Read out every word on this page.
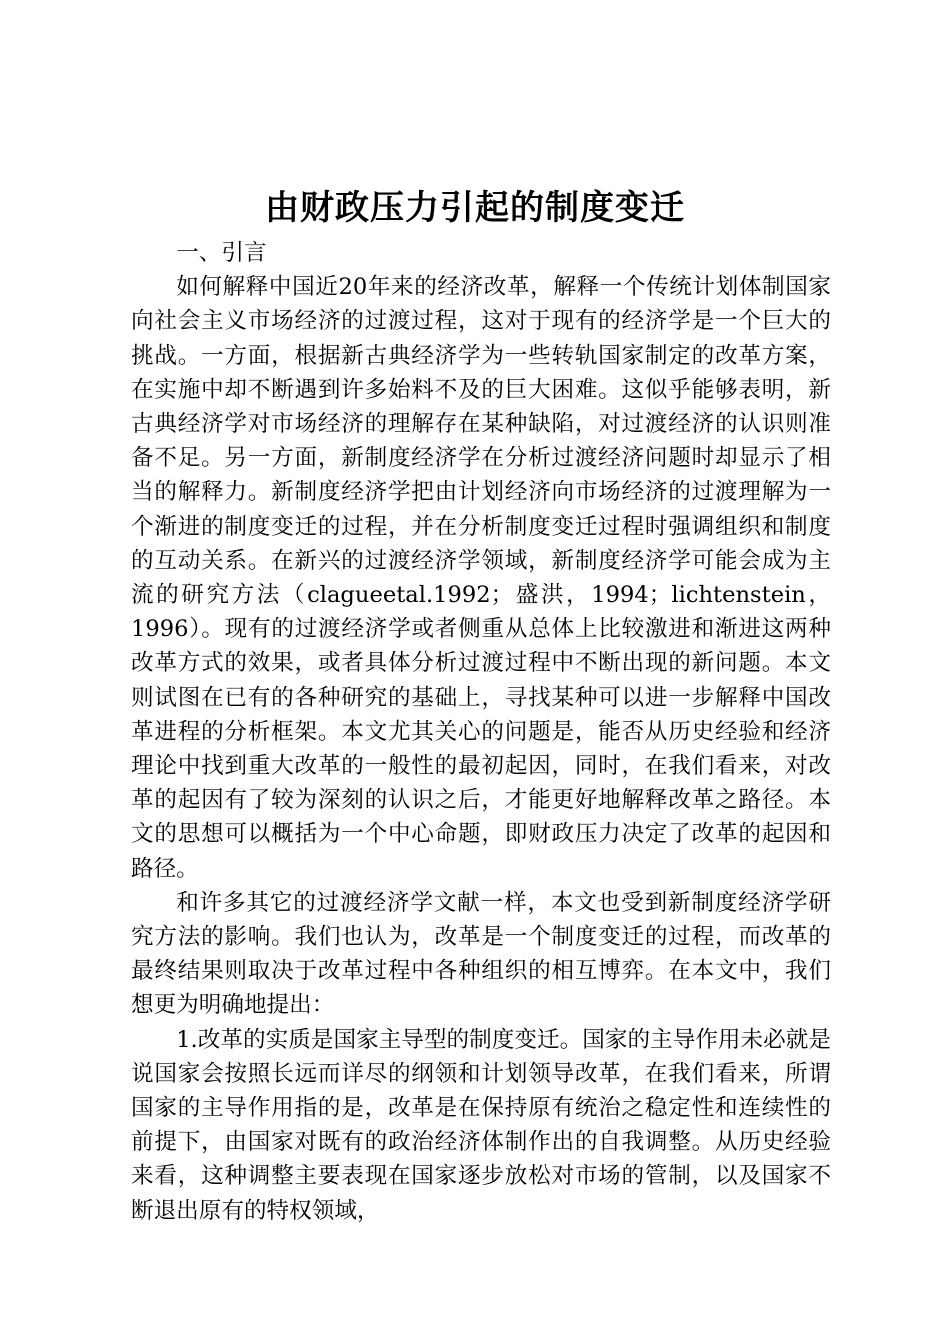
由财政压力引起的制度变迁

一、引言

如何解释中国近20年来的经济改革，解释一个传统计划体制国家向社会主义市场经济的过渡过程，这对于现有的经济学是一个巨大的挑战。一方面，根据新古典经济学为一些转轨国家制定的改革方案，在实施中却不断遇到许多始料不及的巨大困难。这似乎能够表明，新古典经济学对市场经济的理解存在某种缺陷，对过渡经济的认识则准备不足。另一方面，新制度经济学在分析过渡经济问题时却显示了相当的解释力。新制度经济学把由计划经济向市场经济的过渡理解为一个渐进的制度变迁的过程，并在分析制度变迁过程时强调组织和制度的互动关系。在新兴的过渡经济学领域，新制度经济学可能会成为主流的研究方法（clagueetal.1992；盛洪，1994；lichtenstein，1996）。现有的过渡经济学或者侧重从总体上比较激进和渐进这两种改革方式的效果，或者具体分析过渡过程中不断出现的新问题。本文则试图在已有的各种研究的基础上，寻找某种可以进一步解释中国改革进程的分析框架。本文尤其关心的问题是，能否从历史经验和经济理论中找到重大改革的一般性的最初起因，同时，在我们看来，对改革的起因有了较为深刻的认识之后，才能更好地解释改革之路径。本文的思想可以概括为一个中心命题，即财政压力决定了改革的起因和路径。

和许多其它的过渡经济学文献一样，本文也受到新制度经济学研究方法的影响。我们也认为，改革是一个制度变迁的过程，而改革的最终结果则取决于改革过程中各种组织的相互博弈。在本文中，我们想更为明确地提出：

1.改革的实质是国家主导型的制度变迁。国家的主导作用未必就是说国家会按照长远而详尽的纲领和计划领导改革，在我们看来，所谓国家的主导作用指的是，改革是在保持原有统治之稳定性和连续性的前提下，由国家对既有的政治经济体制作出的自我调整。从历史经验来看，这种调整主要表现在国家逐步放松对市场的管制，以及国家不断退出原有的特权领域，
